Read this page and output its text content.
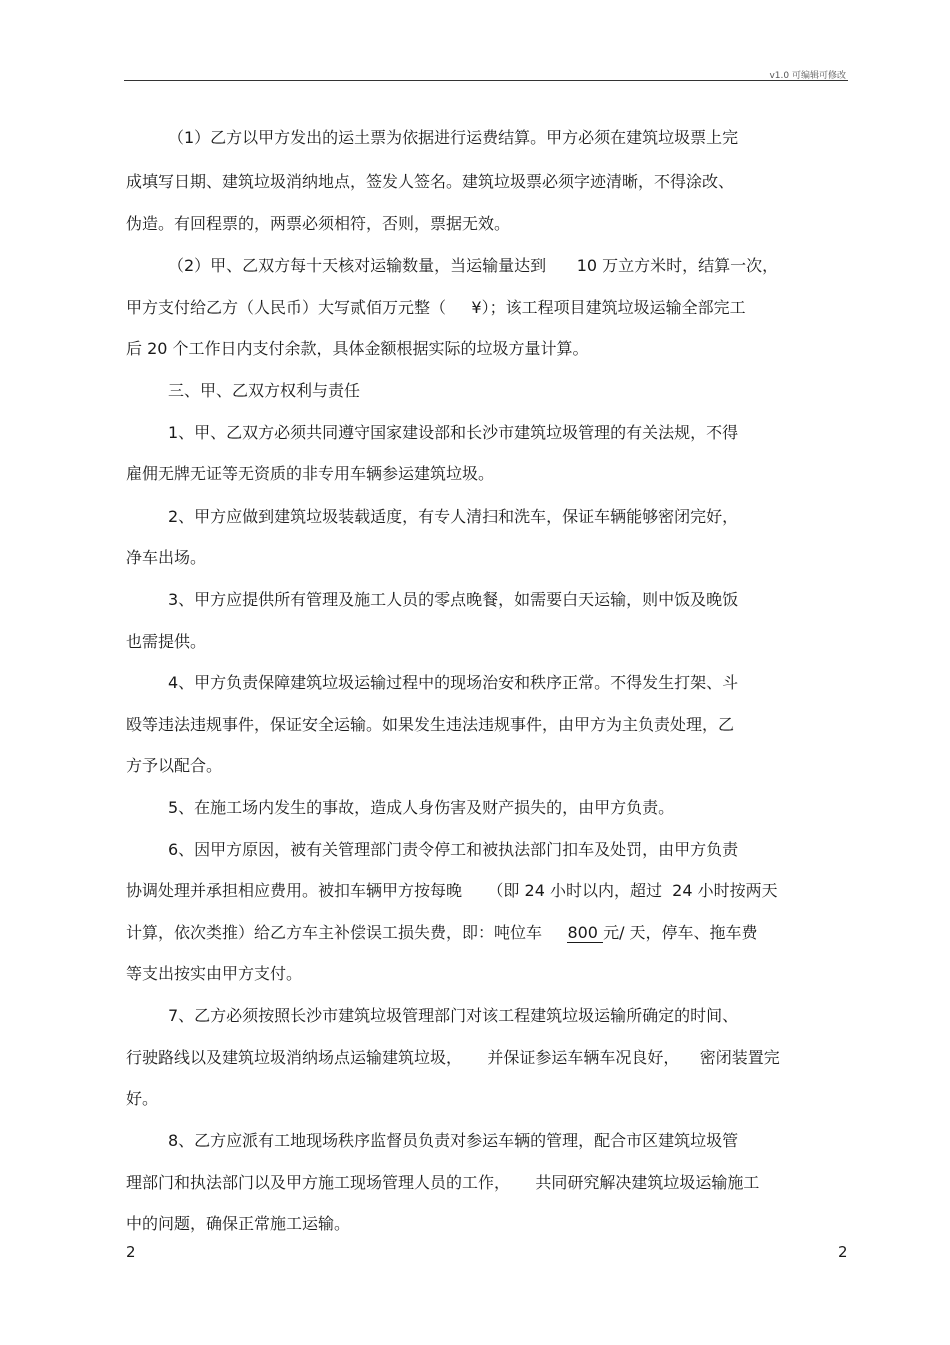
v1.0 可编辑可修改
（1）乙方以甲方发出的运土票为依据进行运费结算。甲方必须在建筑垃圾票上完
成填写日期、建筑垃圾消纳地点，签发人签名。建筑垃圾票必须字迹清晰，不得涂改、
伪造。有回程票的，两票必须相符，否则，票据无效。
（2）甲、乙双方每十天核对运输数量，当运输量达到      10 万立方米时，结算一次，
甲方支付给乙方（人民币）大写贰佰万元整（     ¥）；该工程项目建筑垃圾运输全部完工
后 20 个工作日内支付余款，具体金额根据实际的垃圾方量计算。
三、甲、乙双方权利与责任
1、甲、乙双方必须共同遵守国家建设部和长沙市建筑垃圾管理的有关法规，不得
雇佣无牌无证等无资质的非专用车辆参运建筑垃圾。
2、甲方应做到建筑垃圾装载适度，有专人清扫和洗车，保证车辆能够密闭完好，
净车出场。
3、甲方应提供所有管理及施工人员的零点晚餐，如需要白天运输，则中饭及晚饭
也需提供。
4、甲方负责保障建筑垃圾运输过程中的现场治安和秩序正常。不得发生打架、斗
殴等违法违规事件，保证安全运输。如果发生违法违规事件，由甲方为主负责处理，乙
方予以配合。
5、在施工场内发生的事故，造成人身伤害及财产损失的，由甲方负责。
6、因甲方原因，被有关管理部门责令停工和被执法部门扣车及处罚，由甲方负责
协调处理并承担相应费用。被扣车辆甲方按每晚     （即 24 小时以内，超过  24 小时按两天
计算，依次类推）给乙方车主补偿误工损失费，即：吨位车     800 元/ 天，停车、拖车费
等支出按实由甲方支付。
7、乙方必须按照长沙市建筑垃圾管理部门对该工程建筑垃圾运输所确定的时间、
行驶路线以及建筑垃圾消纳场点运输建筑垃圾，     并保证参运车辆车况良好，    密闭装置完
好。
8、乙方应派有工地现场秩序监督员负责对参运车辆的管理，配合市区建筑垃圾管
理部门和执法部门以及甲方施工现场管理人员的工作，     共同研究解决建筑垃圾运输施工
中的问题，确保正常施工运输。
2	2
